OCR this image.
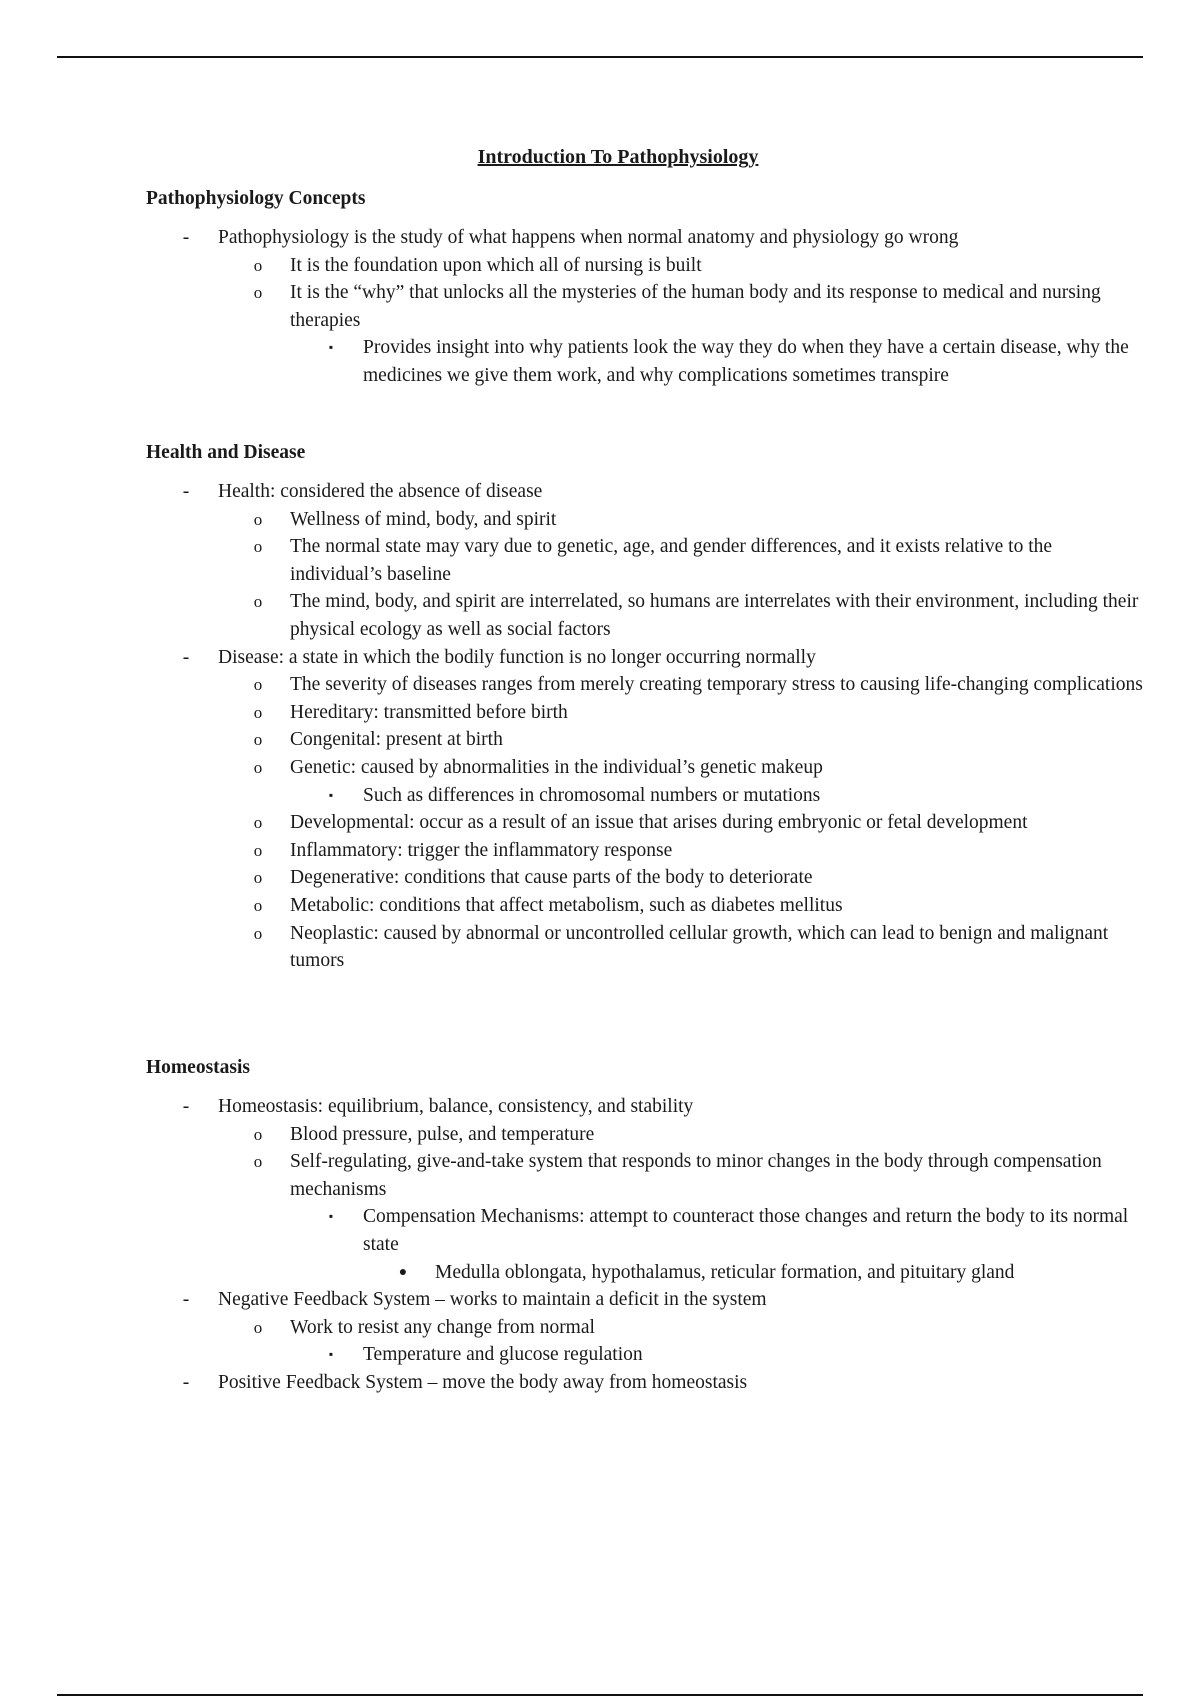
Introduction To Pathophysiology
Pathophysiology Concepts
-	Pathophysiology is the study of what happens when normal anatomy and physiology go wrong
o It is the foundation upon which all of nursing is built
o It is the “why” that unlocks all the mysteries of the human body and its response to medical and nursing therapies
▪	Provides insight into why patients look the way they do when they have a certain disease, why the medicines we give them work, and why complications sometimes transpire
Health and Disease
-	Health: considered the absence of disease
o Wellness of mind, body, and spirit
o The normal state may vary due to genetic, age, and gender differences, and it exists relative to the individual’s baseline
o The mind, body, and spirit are interrelated, so humans are interrelates with their environment, including their physical ecology as well as social factors
-	Disease: a state in which the bodily function is no longer occurring normally
o The severity of diseases ranges from merely creating temporary stress to causing life-changing complications
o Hereditary: transmitted before birth
o Congenital: present at birth
o Genetic: caused by abnormalities in the individual’s genetic makeup
▪	Such as differences in chromosomal numbers or mutations
o Developmental: occur as a result of an issue that arises during embryonic or fetal development
o Inflammatory: trigger the inflammatory response
o Degenerative: conditions that cause parts of the body to deteriorate
o Metabolic: conditions that affect metabolism, such as diabetes mellitus
o Neoplastic: caused by abnormal or uncontrolled cellular growth, which can lead to benign and malignant tumors
Homeostasis
-	Homeostasis: equilibrium, balance, consistency, and stability
o Blood pressure, pulse, and temperature
o Self-regulating, give-and-take system that responds to minor changes in the body through compensation mechanisms
▪	Compensation Mechanisms: attempt to counteract those changes and return the body to its normal state
● Medulla oblongata, hypothalamus, reticular formation, and pituitary gland
-	Negative Feedback System – works to maintain a deficit in the system
o Work to resist any change from normal
▪	Temperature and glucose regulation
-	Positive Feedback System – move the body away from homeostasis
